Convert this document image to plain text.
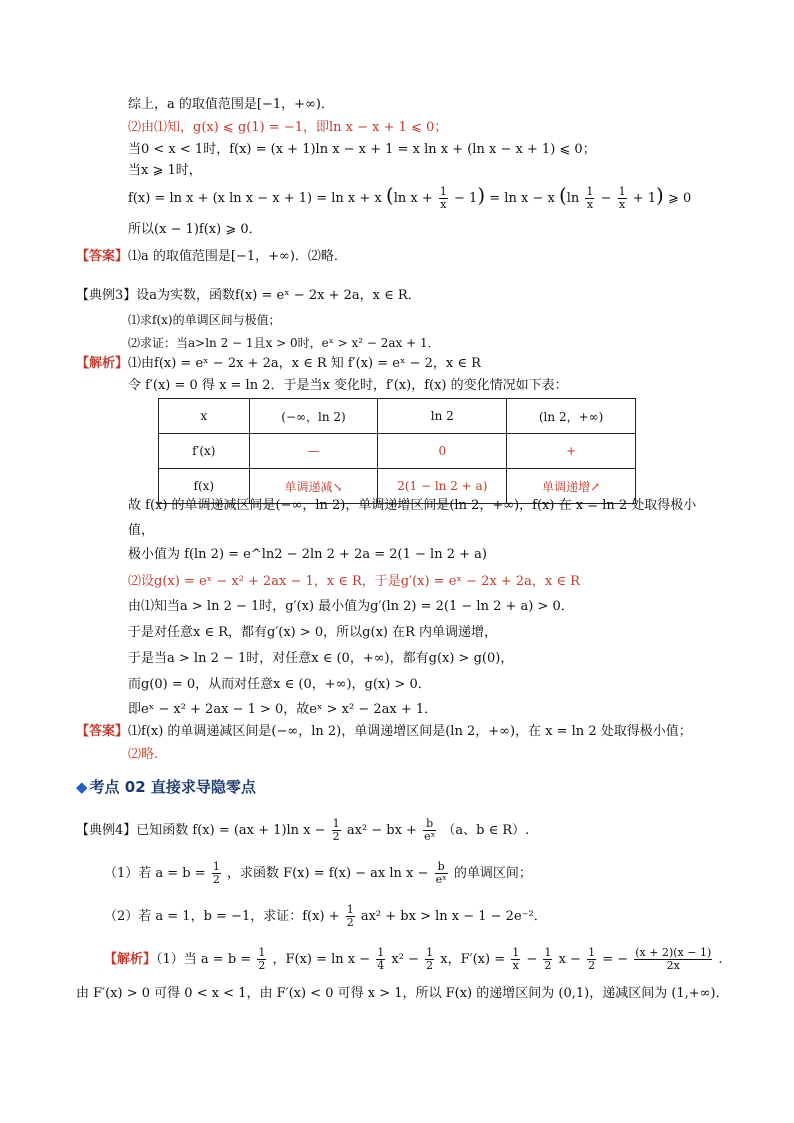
综上，a 的取值范围是[−1，+∞)．
⑵由⑴知，g(x) ⩽ g(1) = −1，即ln x − x + 1 ⩽ 0；
当0 < x < 1时，f(x) = (x + 1)ln x − x + 1 = x ln x + (ln x − x + 1) ⩽ 0；
当x ⩾ 1时，
f(x) = ln x + (x ln x − x + 1) = ln x + x (ln $x + \frac{1}{x} - 1) = \ln x - x$ $(\ln \frac{1}{x} - \frac{1}{x} + 1)$ ⩾ 0
所以(x − 1)f(x) ⩾ 0．
【答案】⑴a 的取值范围是[−1，+∞)．⑵略．
【典例3】设a为实数，函数f(x) = eˣ − 2x + 2a，x ∈ R．
⑴求f(x)的单调区间与极值；
⑵求证：当a>ln 2 − 1且x > 0时，eˣ > x² − 2ax + 1．
【解析】⑴由f(x) = eˣ − 2x + 2a，x ∈ R 知 f′(x) = eˣ − 2，x ∈ R
令 f′(x) = 0 得 x = ln 2．于是当x 变化时，f′(x)，f(x) 的变化情况如下表：
x	(−∞，ln 2)	ln 2	(ln 2，+∞)
f′(x)	—	0	+
f(x)	单调递减↘	2(1 − ln 2 + a)	单调递增↗
故 f(x) 的单调递减区间是(−∞，ln 2)，单调递增区间是(ln 2，+∞)，f(x) 在 x = ln 2 处取得极小
值，
极小值为 f(ln 2) = e^ln2 − 2ln 2 + 2a = 2(1 − ln 2 + a)
⑵设g(x) = eˣ − x² + 2ax − 1，x ∈ R，于是g′(x) = eˣ − 2x + 2a，x ∈ R
由⑴知当a > ln 2 − 1时，g′(x) 最小值为g′(ln 2) = 2(1 − ln 2 + a) > 0．
于是对任意x ∈ R，都有g′(x) > 0，所以g(x) 在R 内单调递增，
于是当a > ln 2 − 1时，对任意x ∈ (0，+∞)，都有g(x) > g(0)，
而g(0) = 0，从而对任意x ∈ (0，+∞)，g(x) > 0．
即eˣ − x² + 2ax − 1 > 0，故eˣ > x² − 2ax + 1．
【答案】⑴f(x) 的单调递减区间是(−∞，ln 2)，单调递增区间是(ln 2，+∞)，在 x = ln 2 处取得极小值；
⑵略.
◆ 考点 02 直接求导隐零点
【典例4】已知函数 f(x) = (ax + 1)ln $x - \frac{1}{2} ax^2$ − bx + $\frac{b}{\text{eˣ}} (a$、b ∈ R）.
（1）若 $a = b = \frac{1}{2}$ ，求函数 F(x) = f(x) − ax $\ln x - \frac{b}{\text{eˣ}}$ 的单调区间；
（2）若 a = 1，b = −1，求证：$f(x) + \frac{1}{2} ax^2$ + bx > ln x − 1 − 2e⁻²．
【解析】（1）当 $a = b = \frac{1}{2}$ ，$F(x) = \ln x - \frac{1}{4} x^2 - \frac{1}{2}$ x，$F'(x) = \frac{1}{x} - \frac{1}{2}$ $x - \frac{1}{2}$ = − $\frac{(x + 2)(x - 1)}{2x}$ .
由 F′(x) > 0 可得 0 < x < 1，由 F′(x) < 0 可得 x > 1，所以 F(x) 的递增区间为 (0,1)，递减区间为 (1,+∞)．
